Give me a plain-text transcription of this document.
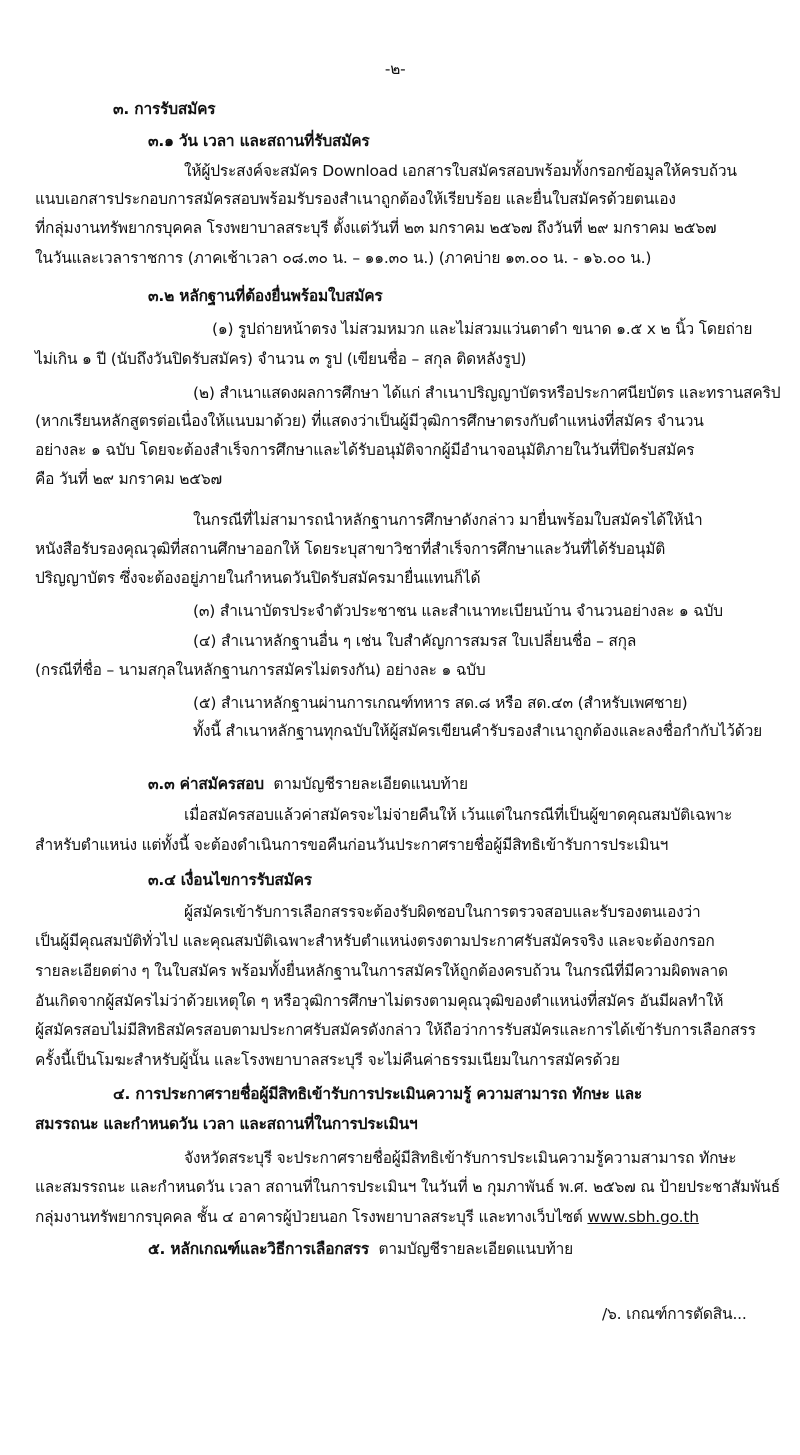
-๒-
๓. การรับสมัคร
๓.๑ วัน เวลา และสถานที่รับสมัคร
ให้ผู้ประสงค์จะสมัคร Download เอกสารใบสมัครสอบพร้อมทั้งกรอกข้อมูลให้ครบถ้วน
แนบเอกสารประกอบการสมัครสอบพร้อมรับรองสำเนาถูกต้องให้เรียบร้อย และยื่นใบสมัครด้วยตนเอง
ที่กลุ่มงานทรัพยากรบุคคล โรงพยาบาลสระบุรี ตั้งแต่วันที่ ๒๓ มกราคม ๒๕๖๗ ถึงวันที่ ๒๙ มกราคม ๒๕๖๗
ในวันและเวลาราชการ (ภาคเช้าเวลา ๐๘.๓๐ น. – ๑๑.๓๐ น.) (ภาคบ่าย ๑๓.๐๐ น. - ๑๖.๐๐ น.)
๓.๒ หลักฐานที่ต้องยื่นพร้อมใบสมัคร
(๑) รูปถ่ายหน้าตรง ไม่สวมหมวก และไม่สวมแว่นตาดำ ขนาด ๑.๕ x ๒ นิ้ว โดยถ่าย
ไม่เกิน ๑ ปี (นับถึงวันปิดรับสมัคร) จำนวน ๓ รูป (เขียนชื่อ – สกุล ติดหลังรูป)
(๒) สำเนาแสดงผลการศึกษา ได้แก่ สำเนาปริญญาบัตรหรือประกาศนียบัตร และทรานสคริป
(หากเรียนหลักสูตรต่อเนื่องให้แนบมาด้วย) ที่แสดงว่าเป็นผู้มีวุฒิการศึกษาตรงกับตำแหน่งที่สมัคร จำนวน
อย่างละ ๑ ฉบับ โดยจะต้องสำเร็จการศึกษาและได้รับอนุมัติจากผู้มีอำนาจอนุมัติภายในวันที่ปิดรับสมัคร
คือ วันที่ ๒๙ มกราคม ๒๕๖๗
ในกรณีที่ไม่สามารถนำหลักฐานการศึกษาดังกล่าว มายื่นพร้อมใบสมัครได้ให้นำ
หนังสือรับรองคุณวุฒิที่สถานศึกษาออกให้ โดยระบุสาขาวิชาที่สำเร็จการศึกษาและวันที่ได้รับอนุมัติ
ปริญญาบัตร ซึ่งจะต้องอยู่ภายในกำหนดวันปิดรับสมัครมายื่นแทนก็ได้
(๓) สำเนาบัตรประจำตัวประชาชน และสำเนาทะเบียนบ้าน จำนวนอย่างละ ๑ ฉบับ
(๔) สำเนาหลักฐานอื่น ๆ เช่น ใบสำคัญการสมรส ใบเปลี่ยนชื่อ – สกุล
(กรณีที่ชื่อ – นามสกุลในหลักฐานการสมัครไม่ตรงกัน) อย่างละ ๑ ฉบับ
(๕) สำเนาหลักฐานผ่านการเกณฑ์ทหาร สด.๘ หรือ สด.๔๓ (สำหรับเพศชาย)
ทั้งนี้ สำเนาหลักฐานทุกฉบับให้ผู้สมัครเขียนคำรับรองสำเนาถูกต้องและลงชื่อกำกับไว้ด้วย
๓.๓ ค่าสมัครสอบ ตามบัญชีรายละเอียดแนบท้าย
เมื่อสมัครสอบแล้วค่าสมัครจะไม่จ่ายคืนให้ เว้นแต่ในกรณีที่เป็นผู้ขาดคุณสมบัติเฉพาะ
สำหรับตำแหน่ง แต่ทั้งนี้ จะต้องดำเนินการขอคืนก่อนวันประกาศรายชื่อผู้มีสิทธิเข้ารับการประเมินฯ
๓.๔ เงื่อนไขการรับสมัคร
ผู้สมัครเข้ารับการเลือกสรรจะต้องรับผิดชอบในการตรวจสอบและรับรองตนเองว่า
เป็นผู้มีคุณสมบัติทั่วไป และคุณสมบัติเฉพาะสำหรับตำแหน่งตรงตามประกาศรับสมัครจริง และจะต้องกรอก
รายละเอียดต่าง ๆ ในใบสมัคร พร้อมทั้งยื่นหลักฐานในการสมัครให้ถูกต้องครบถ้วน ในกรณีที่มีความผิดพลาด
อันเกิดจากผู้สมัครไม่ว่าด้วยเหตุใด ๆ หรือวุฒิการศึกษาไม่ตรงตามคุณวุฒิของตำแหน่งที่สมัคร อันมีผลทำให้
ผู้สมัครสอบไม่มีสิทธิสมัครสอบตามประกาศรับสมัครดังกล่าว ให้ถือว่าการรับสมัครและการได้เข้ารับการเลือกสรร
ครั้งนี้เป็นโมฆะสำหรับผู้นั้น และโรงพยาบาลสระบุรี จะไม่คืนค่าธรรมเนียมในการสมัครด้วย
๔. การประกาศรายชื่อผู้มีสิทธิเข้ารับการประเมินความรู้ ความสามารถ ทักษะ และ
สมรรถนะ และกำหนดวัน เวลา และสถานที่ในการประเมินฯ
จังหวัดสระบุรี จะประกาศรายชื่อผู้มีสิทธิเข้ารับการประเมินความรู้ความสามารถ ทักษะ
และสมรรถนะ และกำหนดวัน เวลา สถานที่ในการประเมินฯ ในวันที่ ๒ กุมภาพันธ์ พ.ศ. ๒๕๖๗ ณ ป้ายประชาสัมพันธ์
กลุ่มงานทรัพยากรบุคคล ชั้น ๔ อาคารผู้ป่วยนอก โรงพยาบาลสระบุรี และทางเว็บไซต์ www.sbh.go.th
๕. หลักเกณฑ์และวิธีการเลือกสรร ตามบัญชีรายละเอียดแนบท้าย
/๖. เกณฑ์การตัดสิน...
